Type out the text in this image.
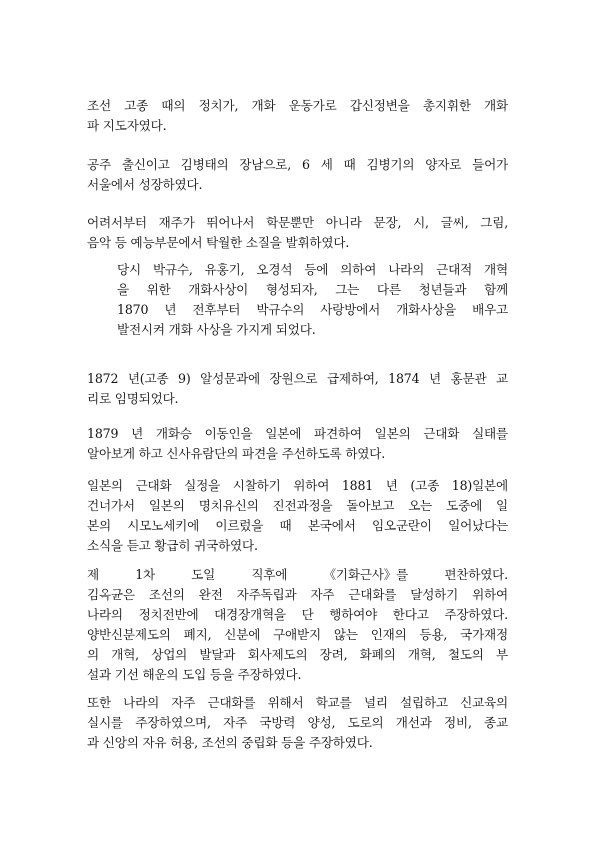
조선 고종 때의 정치가, 개화 운동가로 갑신정변을 총지휘한 개화
파 지도자였다.
공주 출신이고 김병태의 장남으로, 6 세 때 김병기의 양자로 들어가
서울에서 성장하였다.
어려서부터 재주가 뛰어나서 학문뿐만 아니라 문장, 시, 글씨, 그림,
음악 등 예능부문에서 탁월한 소질을 발휘하였다.
당시 박규수, 유홍기, 오경석 등에 의하여 나라의 근대적 개혁
을 위한 개화사상이 형성되자, 그는 다른 청년들과 함께
1870 년 전후부터 박규수의 사랑방에서 개화사상을 배우고
발전시켜 개화 사상을 가지게 되었다.
1872 년(고종 9) 알성문과에 장원으로 급제하여, 1874 년 홍문관 교
리로 임명되었다.
1879 년 개화승 이동인을 일본에 파견하여 일본의 근대화 실태를
알아보게 하고 신사유람단의 파견을 주선하도록 하였다.
일본의 근대화 실정을 시찰하기 위하여 1881 년 (고종 18)일본에
건너가서 일본의 명치유신의 진전과정을 돌아보고 오는 도중에 일
본의 시모노세키에 이르렀을 때 본국에서 임오군란이 일어났다는
소식을 듣고 황급히 귀국하였다.
제	1차	도일	직후에	《기화근사》를	편찬하였다.
김옥균은 조선의 완전 자주독립과 자주 근대화를 달성하기 위하여
나라의 정치전반에 대경장개혁을 단 행하여야 한다고 주장하였다.
양반신분제도의 폐지, 신분에 구애받지 않는 인재의 등용, 국가재정
의 개혁, 상업의 발달과 회사제도의 장려, 화폐의 개혁, 철도의 부
설과 기선 해운의 도입 등을 주장하였다.
또한 나라의 자주 근대화를 위해서 학교를 널리 설립하고 신교육의
실시를 주장하였으며, 자주 국방력 양성, 도로의 개선과 정비, 종교
과 신앙의 자유 허용, 조선의 중립화 등을 주장하였다.
